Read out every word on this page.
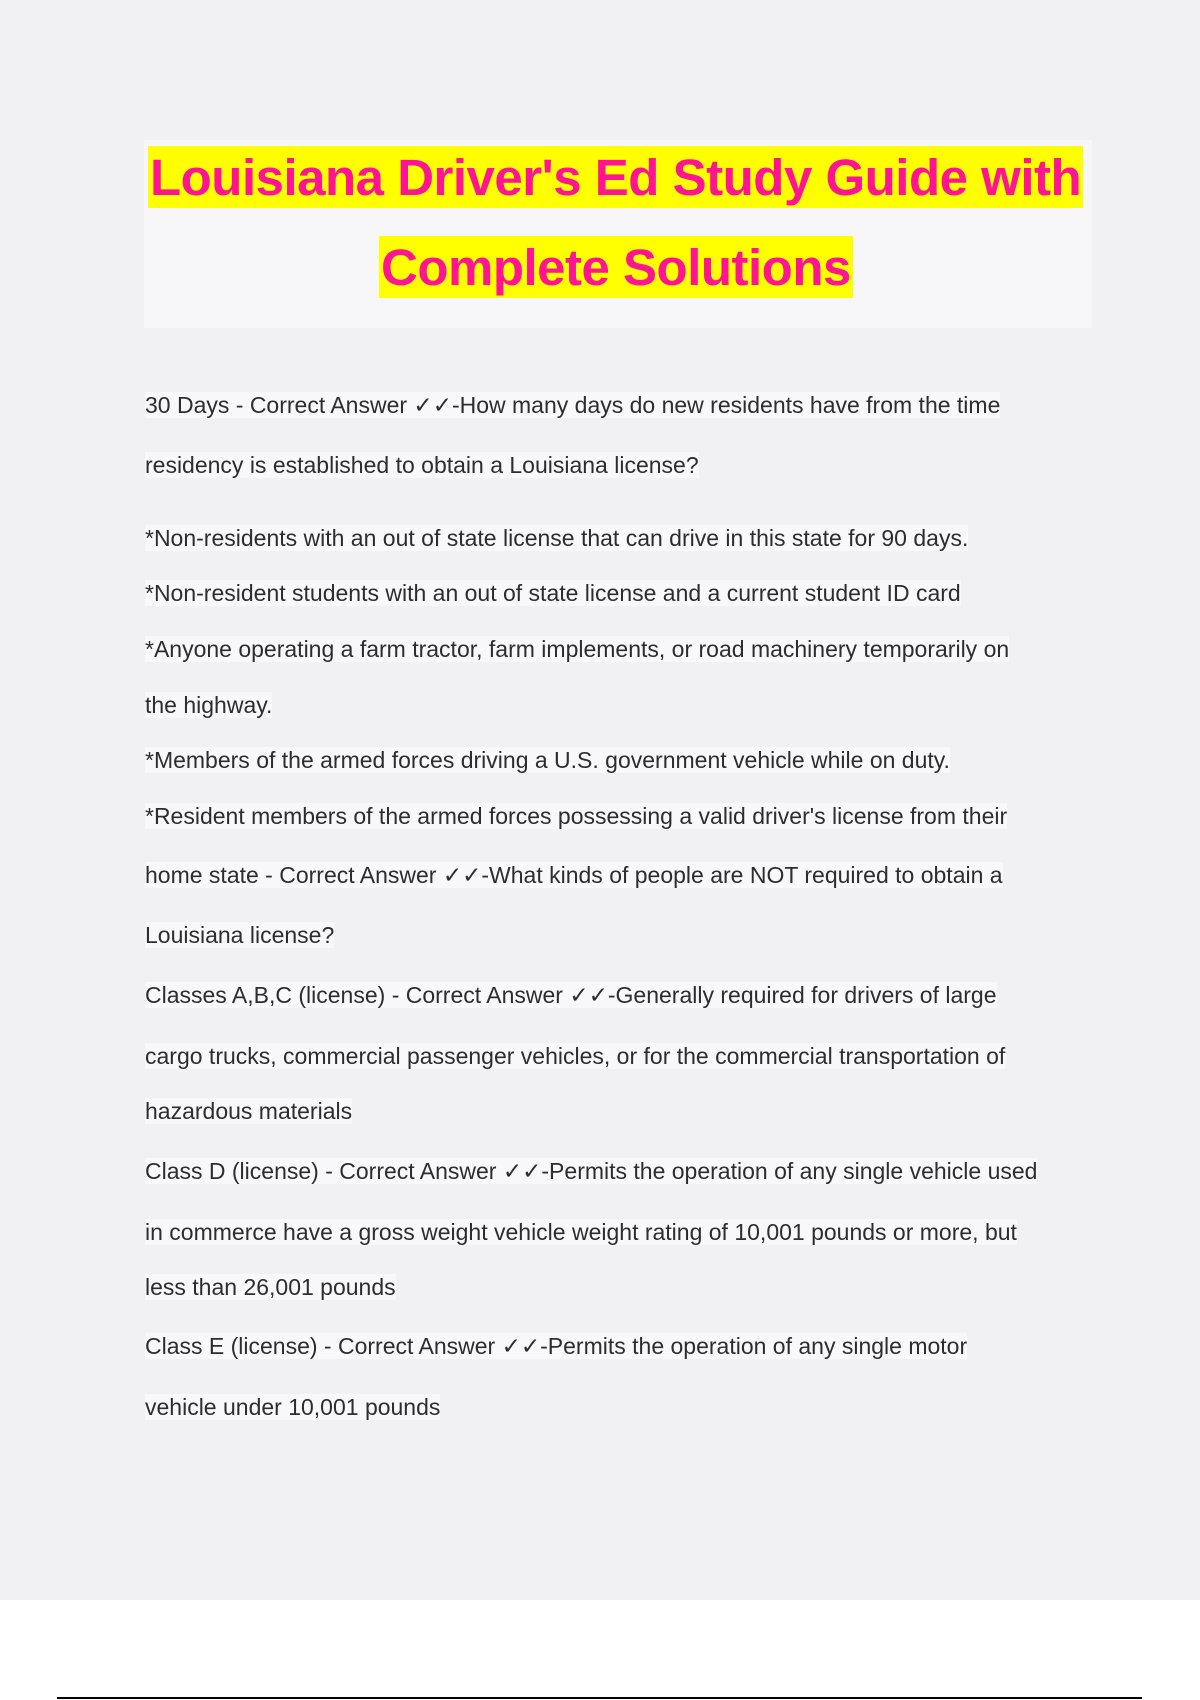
Louisiana Driver's Ed Study Guide with
Complete Solutions
30 Days - Correct Answer ✓✓-How many days do new residents have from the time
residency is established to obtain a Louisiana license?
*Non-residents with an out of state license that can drive in this state for 90 days.
*Non-resident students with an out of state license and a current student ID card
*Anyone operating a farm tractor, farm implements, or road machinery temporarily on
the highway.
*Members of the armed forces driving a U.S. government vehicle while on duty.
*Resident members of the armed forces possessing a valid driver's license from their
home state - Correct Answer ✓✓-What kinds of people are NOT required to obtain a
Louisiana license?
Classes A,B,C (license) - Correct Answer ✓✓-Generally required for drivers of large
cargo trucks, commercial passenger vehicles, or for the commercial transportation of
hazardous materials
Class D (license) - Correct Answer ✓✓-Permits the operation of any single vehicle used
in commerce have a gross weight vehicle weight rating of 10,001 pounds or more, but
less than 26,001 pounds
Class E (license) - Correct Answer ✓✓-Permits the operation of any single motor
vehicle under 10,001 pounds
